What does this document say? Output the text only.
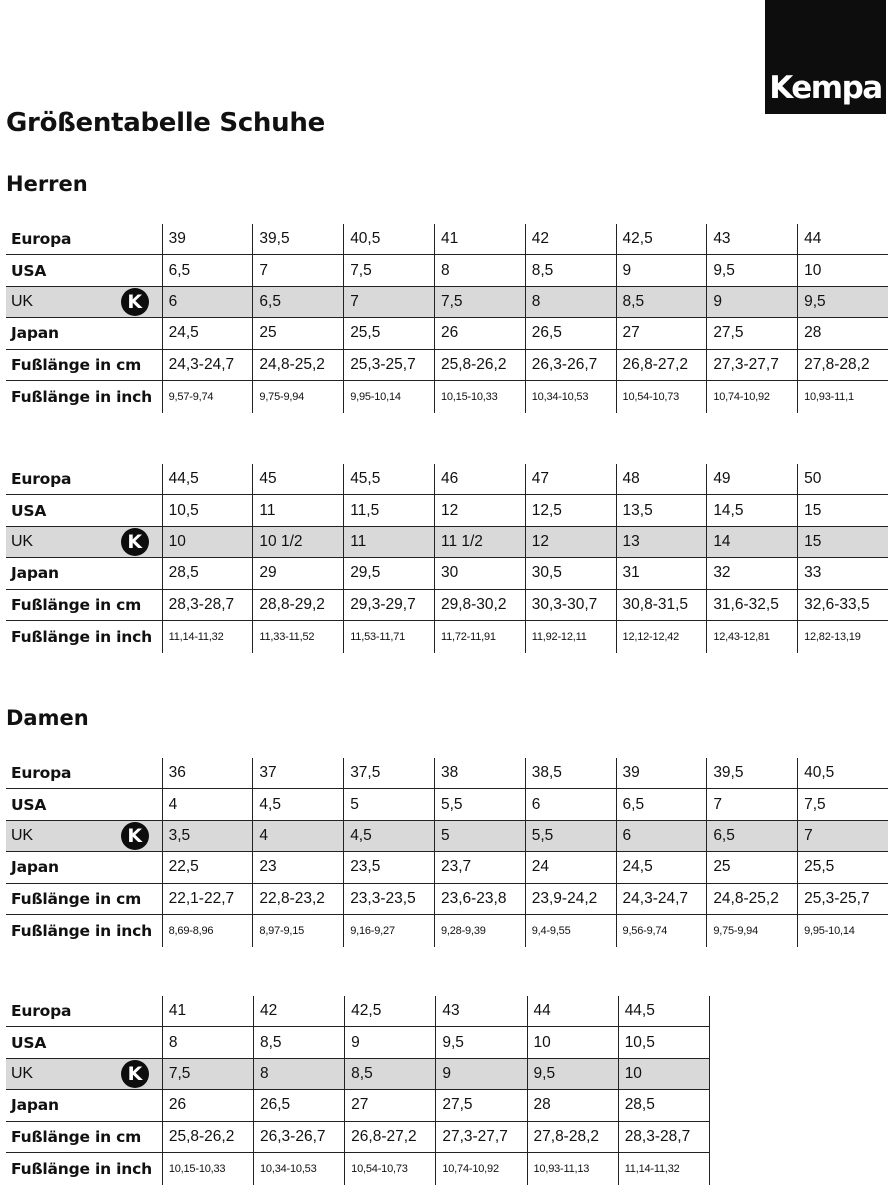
Kempa
Größentabelle Schuhe
Herren
Damen
Europa	39	39,5	40,5	41	42	42,5	43	44
USA	6,5	7	7,5	8	8,5	9	9,5	10
UK K	6	6,5	7	7,5	8	8,5	9	9,5
Japan	24,5	25	25,5	26	26,5	27	27,5	28
Fußlänge in cm	24,3-24,7	24,8-25,2	25,3-25,7	25,8-26,2	26,3-26,7	26,8-27,2	27,3-27,7	27,8-28,2
Fußlänge in inch	9,57-9,74	9,75-9,94	9,95-10,14	10,15-10,33	10,34-10,53	10,54-10,73	10,74-10,92	10,93-11,1
Europa	44,5	45	45,5	46	47	48	49	50
USA	10,5	11	11,5	12	12,5	13,5	14,5	15
UK K	10	10 1/2	11	11 1/2	12	13	14	15
Japan	28,5	29	29,5	30	30,5	31	32	33
Fußlänge in cm	28,3-28,7	28,8-29,2	29,3-29,7	29,8-30,2	30,3-30,7	30,8-31,5	31,6-32,5	32,6-33,5
Fußlänge in inch	11,14-11,32	11,33-11,52	11,53-11,71	11,72-11,91	11,92-12,11	12,12-12,42	12,43-12,81	12,82-13,19
Europa	36	37	37,5	38	38,5	39	39,5	40,5
USA	4	4,5	5	5,5	6	6,5	7	7,5
UK K	3,5	4	4,5	5	5,5	6	6,5	7
Japan	22,5	23	23,5	23,7	24	24,5	25	25,5
Fußlänge in cm	22,1-22,7	22,8-23,2	23,3-23,5	23,6-23,8	23,9-24,2	24,3-24,7	24,8-25,2	25,3-25,7
Fußlänge in inch	8,69-8,96	8,97-9,15	9,16-9,27	9,28-9,39	9,4-9,55	9,56-9,74	9,75-9,94	9,95-10,14
Europa	41	42	42,5	43	44	44,5		
USA	8	8,5	9	9,5	10	10,5		
UK K	7,5	8	8,5	9	9,5	10		
Japan	26	26,5	27	27,5	28	28,5		
Fußlänge in cm	25,8-26,2	26,3-26,7	26,8-27,2	27,3-27,7	27,8-28,2	28,3-28,7		
Fußlänge in inch	10,15-10,33	10,34-10,53	10,54-10,73	10,74-10,92	10,93-11,13	11,14-11,32		
